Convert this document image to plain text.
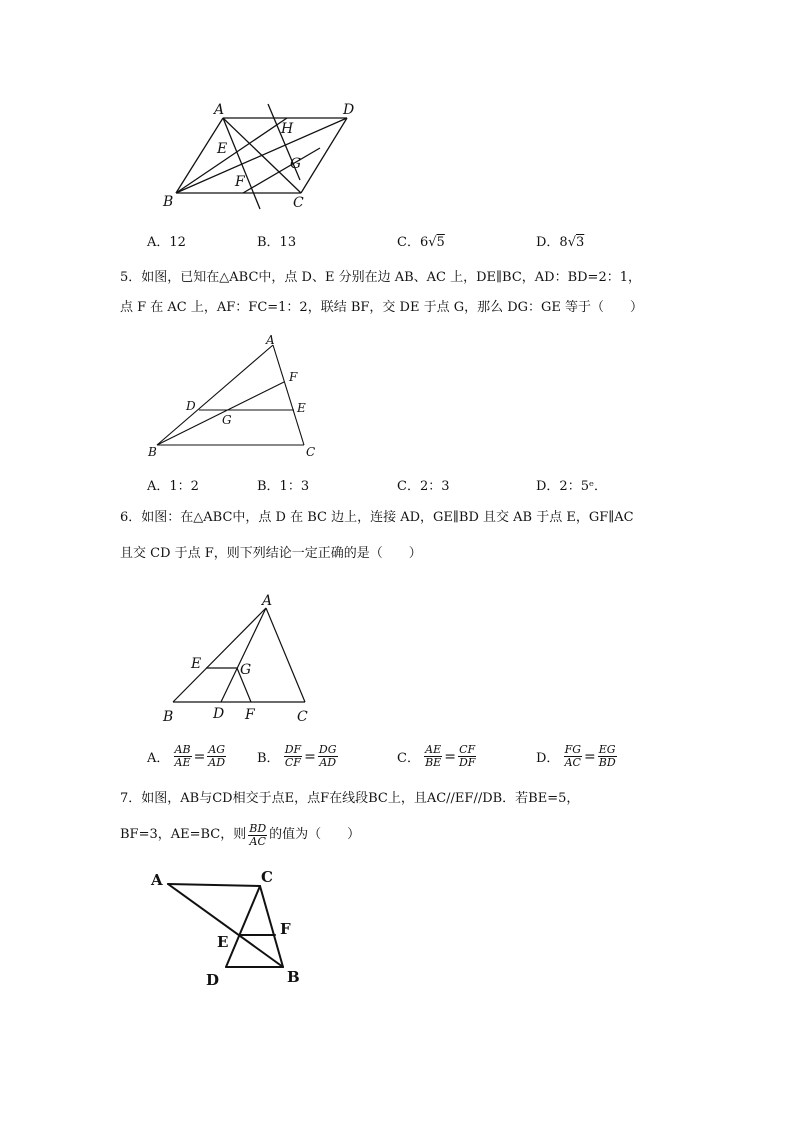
A	D
H
E
G
F
B	C
A．12	B．13	C．6√5	D．8√3
5．如图，已知在△ABC中，点 D、E 分别在边 AB、AC 上，DE∥BC，AD：BD=2：1，
点 F 在 AC 上，AF：FC=1：2，联结 BF，交 DE 于点 G，那么 DG：GE 等于（　　）
A
F
D	E
G
B	C
A．1：2	B．1：3	C．2：3	D．2：5ᵉ．
6．如图：在△ABC中，点 D 在 BC 边上，连接 AD，GE∥BD 且交 AB 于点 E，GF∥AC
且交 CD 于点 F，则下列结论一定正确的是（　　）
A
E	G
B	D F	C
A． $\frac{AB}{AE} = \frac{AG}{AD}$ B． $\frac{DF}{CF} = \frac{DG}{AD}$	C． $\frac{AE}{BE} = \frac{CF}{DF}$	D． $\frac{FG}{AC} = \frac{EG}{BD}$
7．如图，AB与CD相交于点E，点F在线段BC上，且AC//EF//DB．若BE=5，
BF=3，AE=BC，则 $\frac{BD}{AC}$ 的值为（　　）
A	C
E
F
D	B
